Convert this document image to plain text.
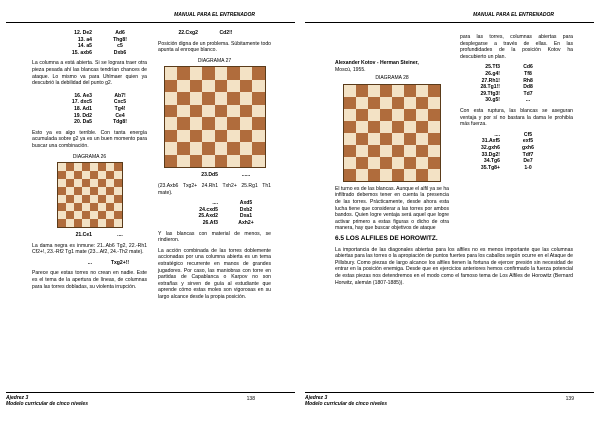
MANUAL PARA EL ENTRENADOR
12. De2	Ad6
13. a4	Thg8!
14. a5	c5
15. axb6	Dxb6
La columna a está abierta. Si se lograra traer otra pieza pesada ahí las blancas tendrían chances de ataque. Lo mismo va para Uhlmaer quien ya descubrió la debilidad del punto g2.
16. Ae3	Ab7!
17. dxc5	Cxc5
18. Ad1	Tg4!
19. Dd2	Ce4
20. Da5	Tdg8!
Esto ya es algo terrible. Con tanta energía acumulada sobre g2 ya es un buen momento para buscar una combinación.
DIAGRAMA 26
21.Ce1	....
La dama negra es inmune: 21..Ab6 Tg2, 22.-Rh1 Cf2+!, 23.-Rf2 Tg1 mate (23...Af2, 24.-Th2 mate).
...	Txg2+!!
Parece que estas torres no crean en nadie. Este es el tema de la apertura de líneas, de columnas para las torres dobladas, su violenta irrupción.
22.Cxg2	Cd2!!
Posición digna de un problema. Súbitamente todo apunta al enroque blanco.
DIAGRAMA 27
23.Dd5	......
(23.Axb6 Txg2+ 24.Rh1 Txh2+ 25.Rg1 Th1 mate).
....	Axd5
24.cxd5	Dxb2
25.Axd2	Dxa1
26.Af3	Axh2+
Y las blancas con material de menos, se rindieron.
La acción combinada de las torres doblemente accionadas por una columna abierta es un tema estratégico recurrente en manos de grandes jugadores. Por caso, las maniobras con torre en partidas de Capablanca o Karpov no son extrañas y sirven de guía al estudiante que aprende cómo estas moles son vigorosas en su largo alcance desde la propia posición.
Ajedrez 3
Modelo curricular de cinco niveles
138
MANUAL PARA EL ENTRENADOR
Alexander Kotov - Herman Steiner,
Moscú, 1955.
DIAGRAMA 28
El turno es de las blancas. Aunque el alfil ya se ha infiltrado debemos tener en cuenta la presencia de las torres. Prácticamente, desde ahora esta lucha tiene que considerar a las torres por ambos bandos. Quien logre ventaja será aquel que logre activar primero a estas figuras o dicho de otra manera, hay que buscar objetivos de ataque
para las torres, columnas abiertas para desplegarse a través de ellas. En las profundidades de la posición Kotov ha descubierto un plan.
25.Tf3	Cd6
26.g4!	Tf8
27.Rh1!	Rh8
28.Tg1!!	Dd8
29.Tfg3!	Td7
30.g5!	...
Con esta ruptura, las blancas se aseguran ventaja y por sí no bastara la dama le prohibía más fuerza.
....	Cf5
31.Axf5	exf5
32.gxh6	gxh6
33.Dg2!	Tdf7
34.Tg6	De7
35.Tg8+	1-0
6.5 LOS ALFILES DE HOROWITZ.
La importancia de las diagonales abiertas para los alfiles no es menos importante que las columnas abiertas para las torres o la apropiación de puntos fuertes para los caballos según ocurre en el Ataque de Pillsbury. Como piezas de largo alcance los alfiles tienen la fortuna de ejercer presión sin necesidad de entrar en la posición enemiga. Desde que en ejercicios anteriores hemos confirmado la fuerza potencial de estas piezas nos detendremos en el modo como el famoso tema de Los Alfiles de Horowitz (Bernard Horwitz, alemán (1807-1885)).
Ajedrez 3
Modelo curricular de cinco niveles
139
